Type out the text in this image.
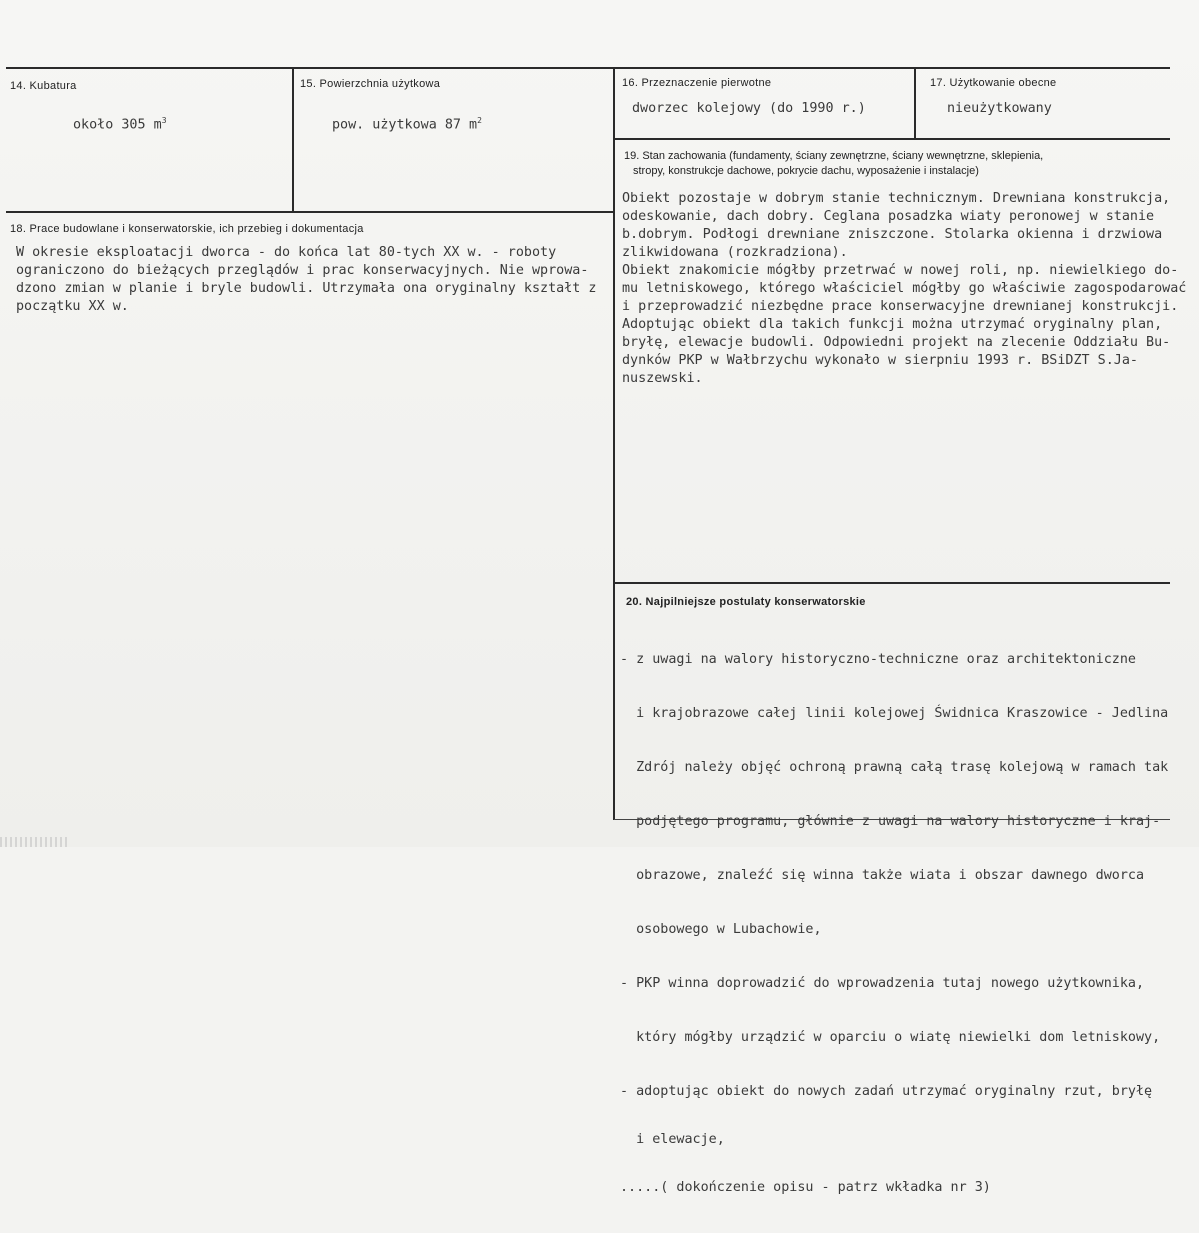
14. Kubatura
około 305 $m^3$
15. Powierzchnia użytkowa
pow. użytkowa 87 $m^2$
16. Przeznaczenie pierwotne
dworzec kolejowy (do 1990 r.)
17. Użytkowanie obecne
nieużytkowany
18. Prace budowlane i konserwatorskie, ich przebieg i dokumentacja
W okresie eksploatacji dworca - do końca lat 80-tych XX w. - roboty
ograniczono do bieżących przeglądów i prac konserwacyjnych. Nie wprowa-
dzono zmian w planie i bryle budowli. Utrzymała ona oryginalny kształt z
początku XX w.
19. Stan zachowania (fundamenty, ściany zewnętrzne, ściany wewnętrzne, sklepienia,
stropy, konstrukcje dachowe, pokrycie dachu, wyposażenie i instalacje)
Obiekt pozostaje w dobrym stanie technicznym. Drewniana konstrukcja,
odeskowanie, dach dobry. Ceglana posadzka wiaty peronowej w stanie
b.dobrym. Podłogi drewniane zniszczone. Stolarka okienna i drzwiowa
zlikwidowana (rozkradziona).
Obiekt znakomicie mógłby przetrwać w nowej roli, np. niewielkiego do-
mu letniskowego, którego właściciel mógłby go właściwie zagospodarować
i przeprowadzić niezbędne prace konserwacyjne drewnianej konstrukcji.
Adoptując obiekt dla takich funkcji można utrzymać oryginalny plan,
bryłę, elewacje budowli. Odpowiedni projekt na zlecenie Oddziału Bu-
dynków PKP w Wałbrzychu wykonało w sierpniu 1993 r. BSiDZT S.Ja-
nuszewski.
20. Najpilniejsze postulaty konserwatorskie

- z uwagi na walory historyczno-techniczne oraz architektoniczne

i krajobrazowe całej linii kolejowej Świdnica Kraszowice - Jedlina

Zdrój należy objęć ochroną prawną całą trasę kolejową w ramach tak

podjętego programu, głównie z uwagi na walory historyczne i kraj-

obrazowe, znaleźć się winna także wiata i obszar dawnego dworca

osobowego w Lubachowie,

- PKP winna doprowadzić do wprowadzenia tutaj nowego użytkownika,

który mógłby urządzić w oparciu o wiatę niewielki dom letniskowy,

- adoptując obiekt do nowych zadań utrzymać oryginalny rzut, bryłę

i elewacje,

.....( dokończenie opisu - patrz wkładka nr 3)
